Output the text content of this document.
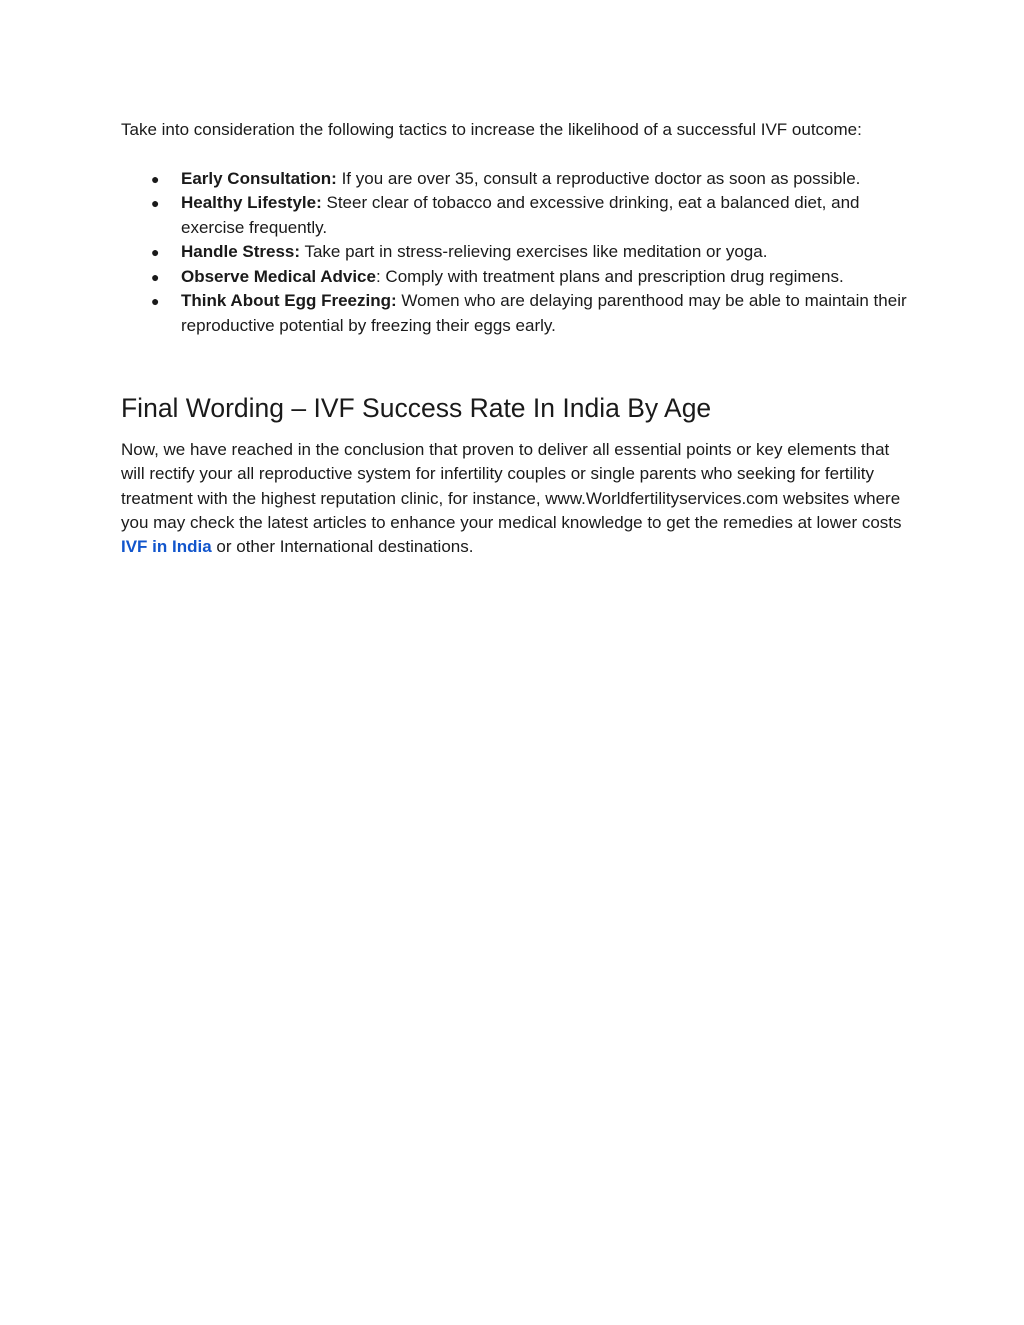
Take into consideration the following tactics to increase the likelihood of a successful IVF outcome:

● Early Consultation: If you are over 35, consult a reproductive doctor as soon as possible.
● Healthy Lifestyle: Steer clear of tobacco and excessive drinking, eat a balanced diet, and exercise frequently.
● Handle Stress: Take part in stress-relieving exercises like meditation or yoga.
● Observe Medical Advice: Comply with treatment plans and prescription drug regimens.
● Think About Egg Freezing: Women who are delaying parenthood may be able to maintain their reproductive potential by freezing their eggs early.
Final Wording – IVF Success Rate In India By Age

Now, we have reached in the conclusion that proven to deliver all essential points or key elements that will rectify your all reproductive system for infertility couples or single parents who seeking for fertility treatment with the highest reputation clinic, for instance, www.Worldfertilityservices.com websites where you may check the latest articles to enhance your medical knowledge to get the remedies at lower costs IVF in India or other International destinations.
